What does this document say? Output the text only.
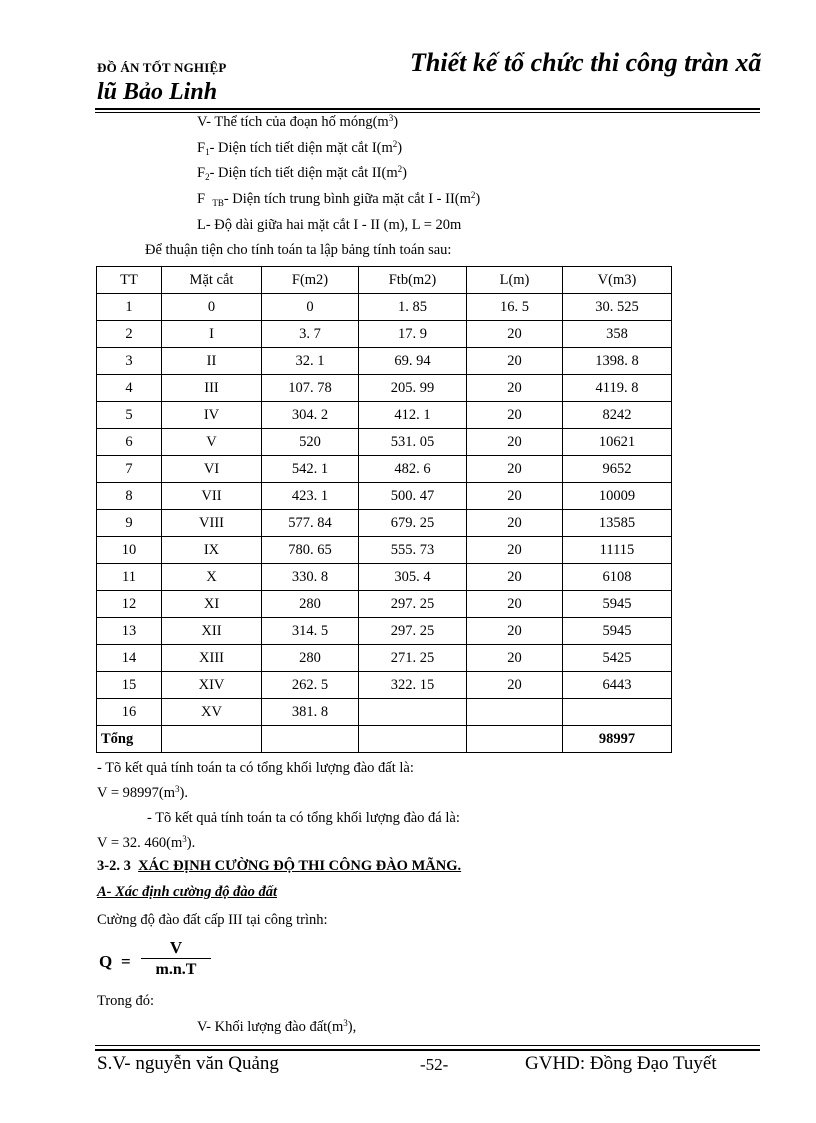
ĐỒ ÁN TỐT NGHIỆP	Thiết kế tổ chức thi công tràn xã
lũ Bảo Linh
V- Thể tích của đoạn hố $móng(m^3)$
$F_1-$ Diện tích tiết diện mặt cắt $I(m^2)$
$F_2-$ Diện tích tiết diện mặt cắt $II(m^2)$
F $_{TB}$- Diện tích trung bình giữa mặt cắt I - $II(m^2)$
L- Độ dài giữa hai mặt cắt I - II (m), L = 20m
Để thuận tiện cho tính toán ta lập bảng tính toán sau:
TT	Mặt cắt	F(m2)	Ftb(m2)	L(m)	V(m3)
1	0	0	1. 85	16. 5	30. 525
2	I	3. 7	17. 9	20	358
3	II	32. 1	69. 94	20	1398. 8
4	III	107. 78	205. 99	20	4119. 8
5	IV	304. 2	412. 1	20	8242
6	V	520	531. 05	20	10621
7	VI	542. 1	482. 6	20	9652
8	VII	423. 1	500. 47	20	10009
9	VIII	577. 84	679. 25	20	13585
10	IX	780. 65	555. 73	20	11115
11	X	330. 8	305. 4	20	6108
12	XI	280	297. 25	20	5945
13	XII	314. 5	297. 25	20	5945
14	XIII	280	271. 25	20	5425
15	XIV	262. 5	322. 15	20	6443
16	XV	381. 8			
Tổng					98997
- Tõ kết quả tính toán ta có tổng khối lượng đào đất là:
$V = 98997(m^3)$.
- Tõ kết quả tính toán ta có tổng khối lượng đào đá là:
V = 32. $460(m^3)$.
3-2. 3 XÁC ĐỊNH CƯỜNG ĐỘ THI CÔNG ĐÀO MÃNG.
A- Xác định cường độ đào đất
Cường độ đào đất cấp III tại công trình:
Q =
V
m.n.T
Trong đó:
V- Khối lượng đào $đất(m^3)$,
S.V- nguyễn văn Quảng	-52-	GVHD: Đồng Đạo Tuyết
